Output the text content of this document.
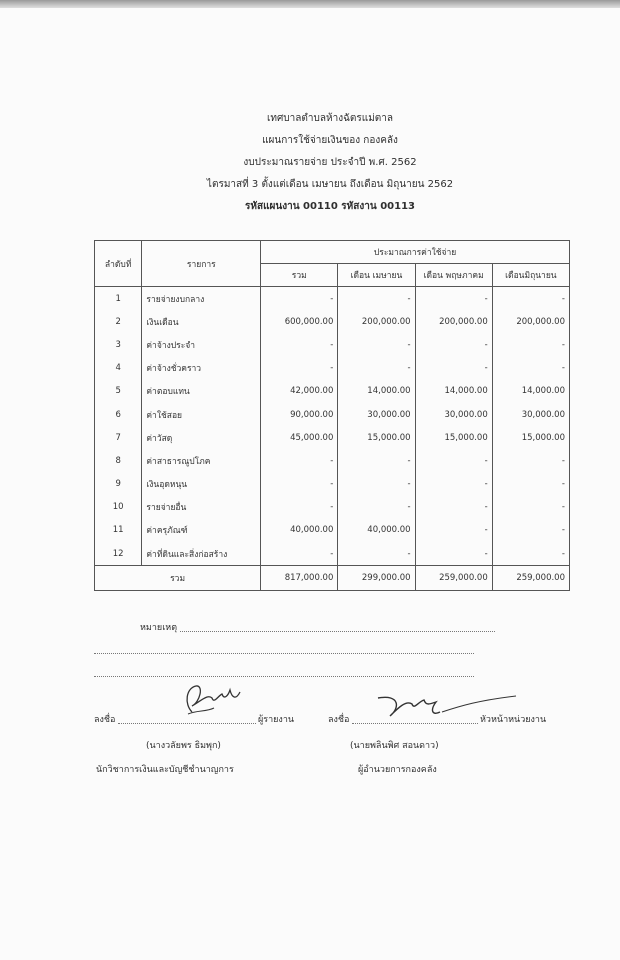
เทศบาลตำบลห้างฉัตรแม่ตาล
แผนการใช้จ่ายเงินของ กองคลัง
งบประมาณรายจ่าย ประจำปี พ.ศ. 2562
ไตรมาสที่ 3 ตั้งแต่เดือน เมษายน ถึงเดือน มิถุนายน 2562
รหัสแผนงาน 00110 รหัสงาน 00113
ลำดับที่	รายการ	ประมาณการค่าใช้จ่าย			
		รวม	เดือน เมษายน	เดือน พฤษภาคม	เดือนมิถุนายน
1	รายจ่ายงบกลาง	-	-	-	-
2	เงินเดือน	600,000.00	200,000.00	200,000.00	200,000.00
3	ค่าจ้างประจำ	-	-	-	-
4	ค่าจ้างชั่วคราว	-	-	-	-
5	ค่าตอบแทน	42,000.00	14,000.00	14,000.00	14,000.00
6	ค่าใช้สอย	90,000.00	30,000.00	30,000.00	30,000.00
7	ค่าวัสดุ	45,000.00	15,000.00	15,000.00	15,000.00
8	ค่าสาธารณูปโภค	-	-	-	-
9	เงินอุดหนุน	-	-	-	-
10	รายจ่ายอื่น	-	-	-	-
11	ค่าครุภัณฑ์	40,000.00	40,000.00	-	-
12	ค่าที่ดินและสิ่งก่อสร้าง	-	-	-	-
รวม		817,000.00	299,000.00	259,000.00	259,000.00
หมายเหตุ
ลงชื่อ	ผู้รายงาน
(นางวลัยพร ธิมพุก)
นักวิชาการเงินและบัญชีชำนาญการ
ลงชื่อ	หัวหน้าหน่วยงาน
(นายพลินพิศ สอนดาว)
ผู้อำนวยการกองคลัง
